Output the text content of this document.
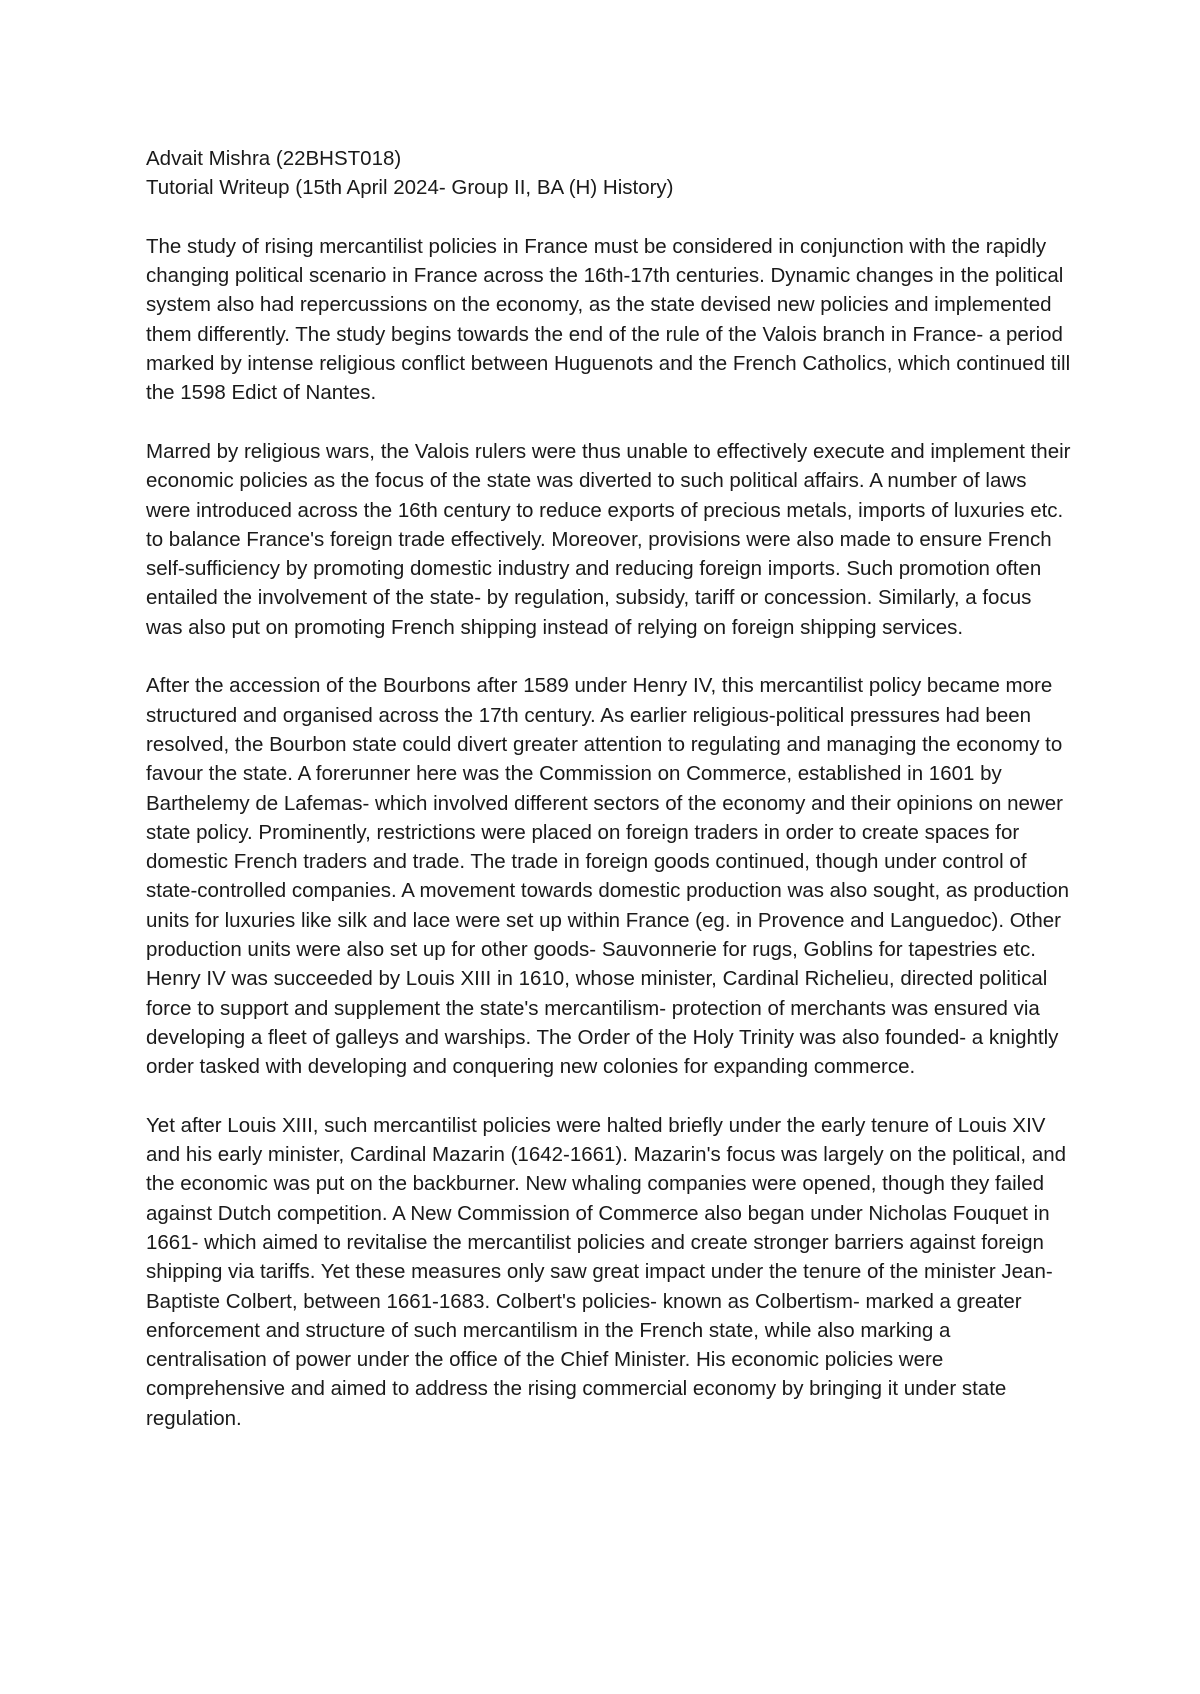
Advait Mishra (22BHST018)

Tutorial Writeup (15th April 2024- Group II, BA (H) History)

The study of rising mercantilist policies in France must be considered in conjunction with the rapidly changing political scenario in France across the 16th-17th centuries. Dynamic changes in the political system also had repercussions on the economy, as the state devised new policies and implemented them differently. The study begins towards the end of the rule of the Valois branch in France- a period marked by intense religious conflict between Huguenots and the French Catholics, which continued till the 1598 Edict of Nantes.

Marred by religious wars, the Valois rulers were thus unable to effectively execute and implement their economic policies as the focus of the state was diverted to such political affairs. A number of laws were introduced across the 16th century to reduce exports of precious metals, imports of luxuries etc. to balance France's foreign trade effectively. Moreover, provisions were also made to ensure French self-sufficiency by promoting domestic industry and reducing foreign imports. Such promotion often entailed the involvement of the state- by regulation, subsidy, tariff or concession. Similarly, a focus was also put on promoting French shipping instead of relying on foreign shipping services.

After the accession of the Bourbons after 1589 under Henry IV, this mercantilist policy became more structured and organised across the 17th century. As earlier religious-political pressures had been resolved, the Bourbon state could divert greater attention to regulating and managing the economy to favour the state. A forerunner here was the Commission on Commerce, established in 1601 by Barthelemy de Lafemas- which involved different sectors of the economy and their opinions on newer state policy. Prominently, restrictions were placed on foreign traders in order to create spaces for domestic French traders and trade. The trade in foreign goods continued, though under control of state-controlled companies. A movement towards domestic production was also sought, as production units for luxuries like silk and lace were set up within France (eg. in Provence and Languedoc). Other production units were also set up for other goods- Sauvonnerie for rugs, Goblins for tapestries etc. Henry IV was succeeded by Louis XIII in 1610, whose minister, Cardinal Richelieu, directed political force to support and supplement the state's mercantilism- protection of merchants was ensured via developing a fleet of galleys and warships. The Order of the Holy Trinity was also founded- a knightly order tasked with developing and conquering new colonies for expanding commerce.

Yet after Louis XIII, such mercantilist policies were halted briefly under the early tenure of Louis XIV and his early minister, Cardinal Mazarin (1642-1661). Mazarin's focus was largely on the political, and the economic was put on the backburner. New whaling companies were opened, though they failed against Dutch competition. A New Commission of Commerce also began under Nicholas Fouquet in 1661- which aimed to revitalise the mercantilist policies and create stronger barriers against foreign shipping via tariffs. Yet these measures only saw great impact under the tenure of the minister Jean-Baptiste Colbert, between 1661-1683. Colbert's policies- known as Colbertism- marked a greater enforcement and structure of such mercantilism in the French state, while also marking a centralisation of power under the office of the Chief Minister. His economic policies were comprehensive and aimed to address the rising commercial economy by bringing it under state regulation.
